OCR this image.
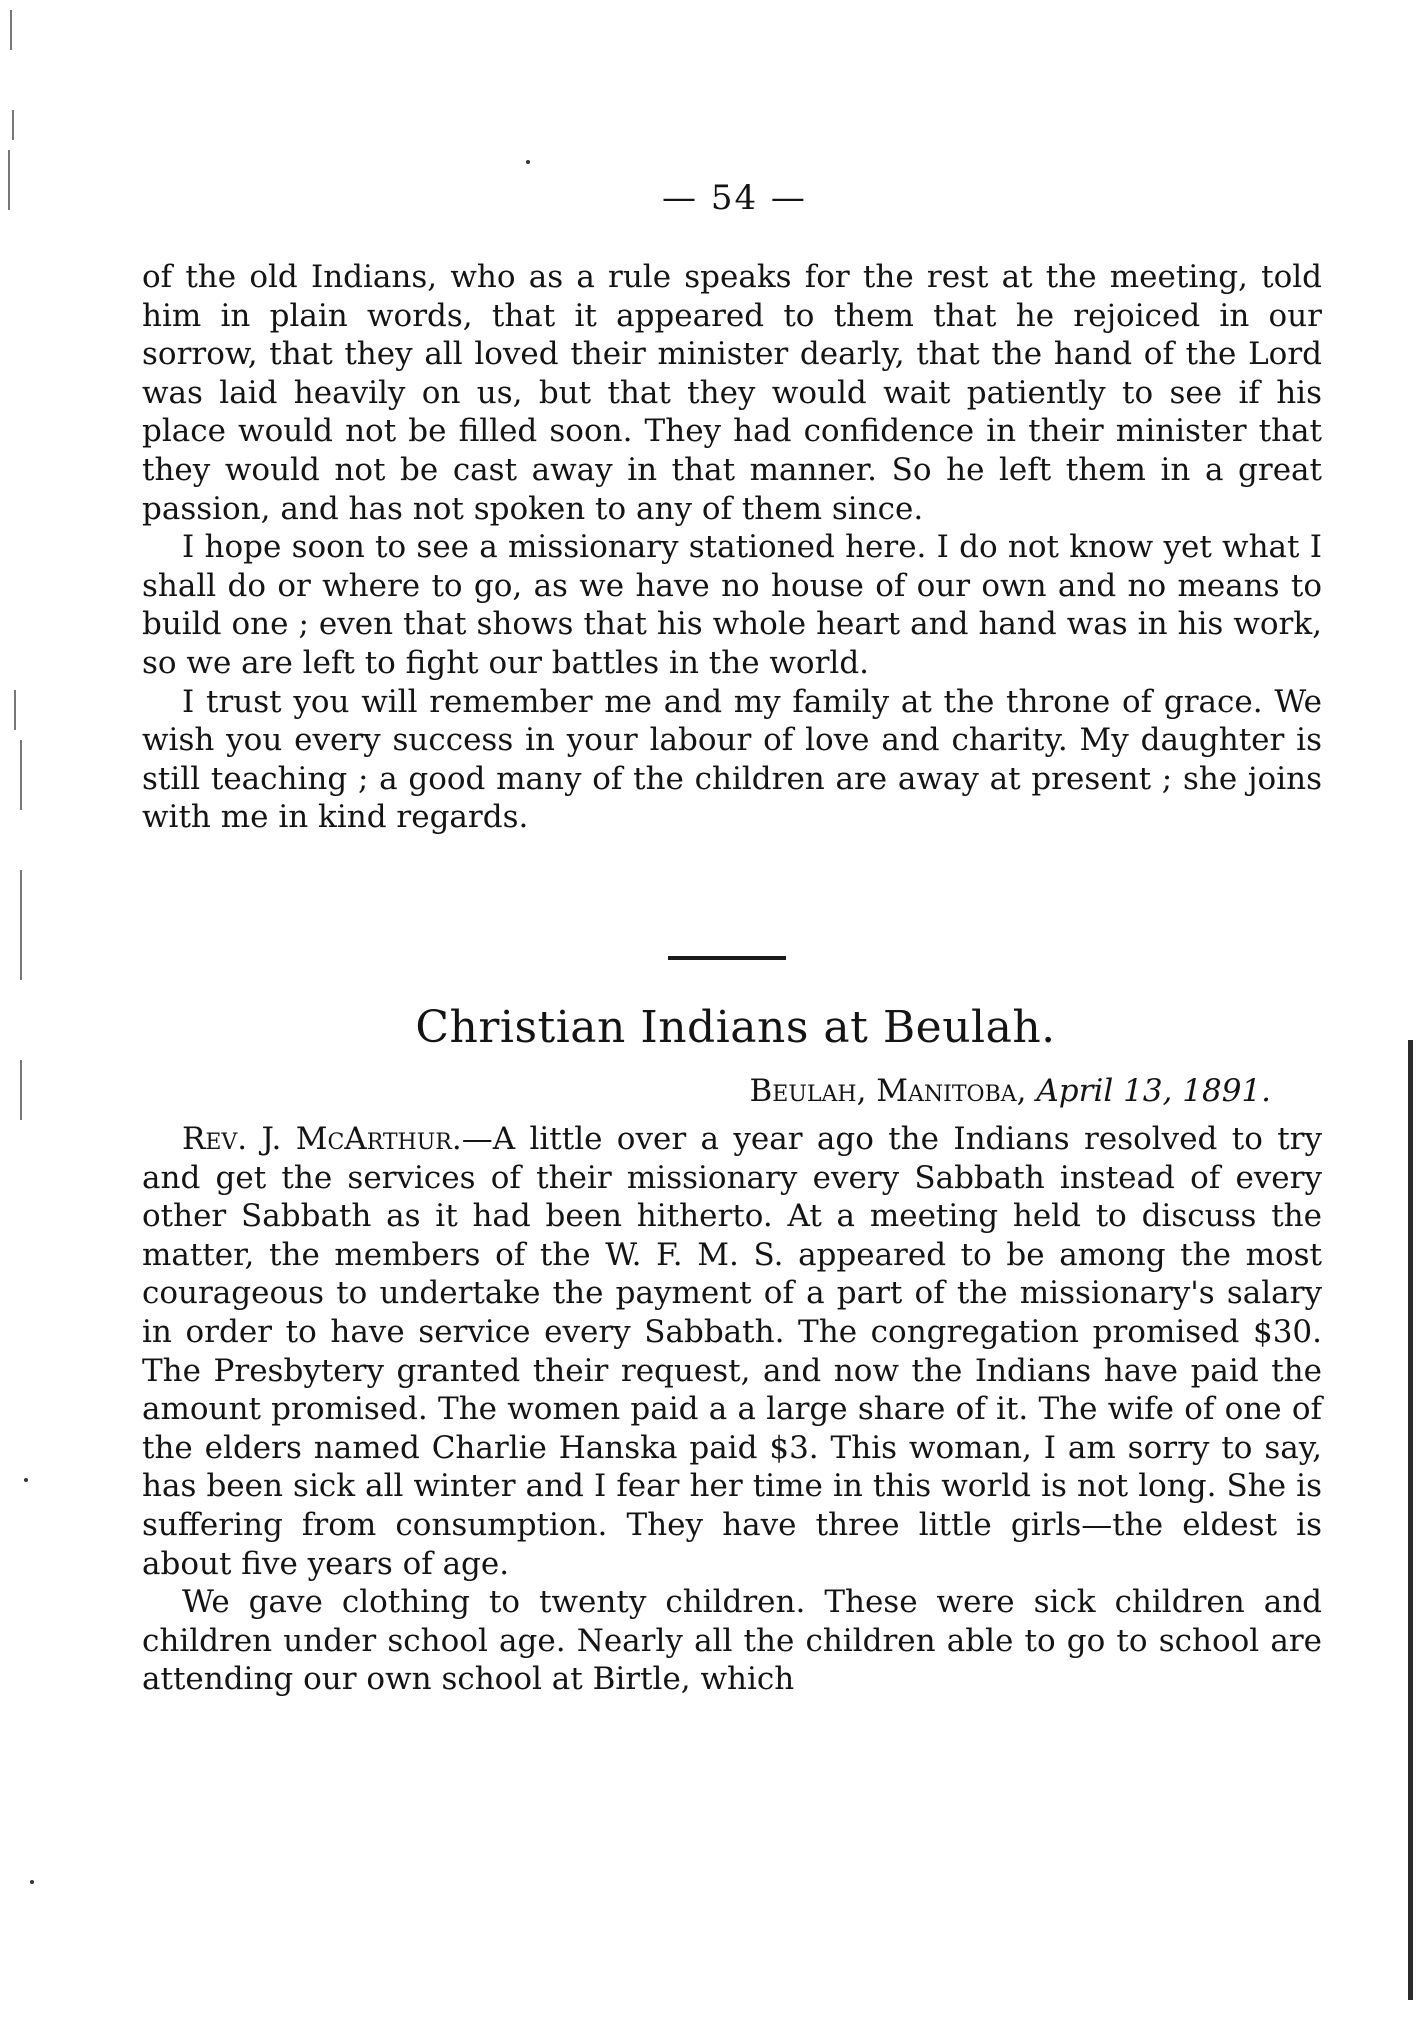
— 54 —

of the old Indians, who as a rule speaks for the rest at the meeting, told him in plain words, that it appeared to them that he rejoiced in our sorrow, that they all loved their minister dearly, that the hand of the Lord was laid heavily on us, but that they would wait patiently to see if his place would not be filled soon. They had confidence in their minister that they would not be cast away in that manner. So he left them in a great passion, and has not spoken to any of them since.

I hope soon to see a missionary stationed here. I do not know yet what I shall do or where to go, as we have no house of our own and no means to build one ; even that shows that his whole heart and hand was in his work, so we are left to fight our battles in the world.

I trust you will remember me and my family at the throne of grace. We wish you every success in your labour of love and charity. My daughter is still teaching ; a good many of the children are away at present ; she joins with me in kind regards.

Christian Indians at Beulah.
Beulah, Manitoba, April 13, 1891.

Rev. J. McArthur.—A little over a year ago the Indians resolved to try and get the services of their missionary every Sabbath instead of every other Sabbath as it had been hitherto. At a meeting held to discuss the matter, the members of the W. F. M. S. appeared to be among the most courageous to undertake the payment of a part of the missionary's salary in order to have service every Sabbath. The congregation promised $30. The Presbytery granted their request, and now the Indians have paid the amount promised. The women paid a a large share of it. The wife of one of the elders named Charlie Hanska paid $3. This woman, I am sorry to say, has been sick all winter and I fear her time in this world is not long. She is suffering from consumption. They have three little girls—the eldest is about five years of age.

We gave clothing to twenty children. These were sick children and children under school age. Nearly all the children able to go to school are attending our own school at Birtle, which
